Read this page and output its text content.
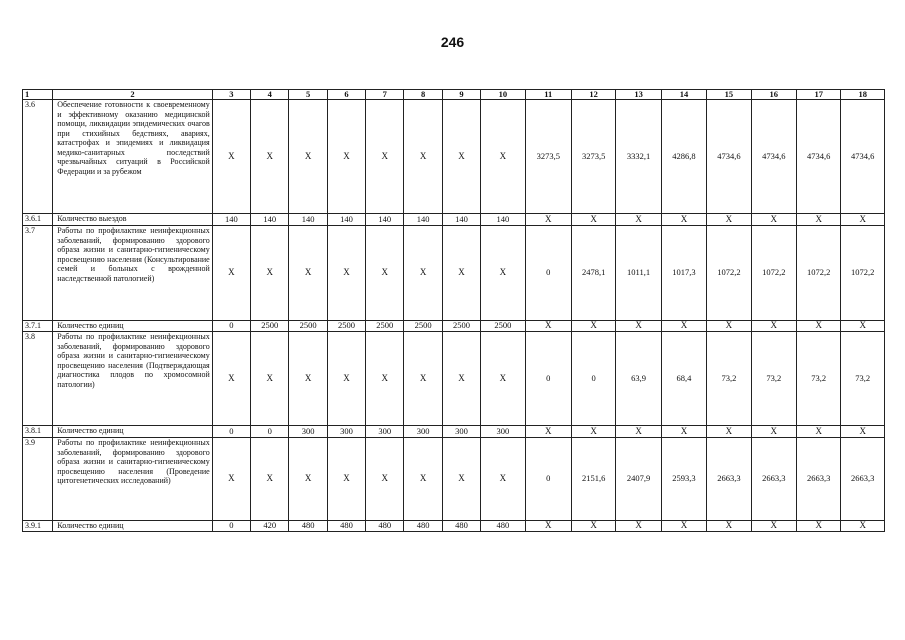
246
1	2	3	4	5	6	7	8	9	10	11	12	13	14	15	16	17	18
3.6	Обеспечение готовности к своевременному и эффективному оказанию медицинской помощи, ликвидации эпидемических очагов при стихийных бедствиях, авариях, катастрофах и эпидемиях и ликвидация медико-санитарных последствий чрезвычайных ситуаций в Российской Федерации и за рубежом	X	X	X	X	X	X	X	X	3273,5	3273,5	3332,1	4286,8	4734,6	4734,6	4734,6	4734,6
3.6.1	Количество выездов	140	140	140	140	140	140	140	140	X	X	X	X	X	X	X	X
3.7	Работы по профилактике неинфекционных заболеваний, формированию здорового образа жизни и санитарно-гигиеническому просвещению населения (Консультирование семей и больных с врожденной наследственной патологией)	X	X	X	X	X	X	X	X	0	2478,1	1011,1	1017,3	1072,2	1072,2	1072,2	1072,2
3.7.1	Количество единиц	0	2500	2500	2500	2500	2500	2500	2500	X	X	X	X	X	X	X	X
3.8	Работы по профилактике неинфекционных заболеваний, формированию здорового образа жизни и санитарно-гигиеническому просвещению населения (Подтверждающая диагностика плодов по хромосомной патологии)	X	X	X	X	X	X	X	X	0	0	63,9	68,4	73,2	73,2	73,2	73,2
3.8.1	Количество единиц	0	0	300	300	300	300	300	300	X	X	X	X	X	X	X	X
3.9	Работы по профилактике неинфекционных заболеваний, формированию здорового образа жизни и санитарно-гигиеническому просвещению населения (Проведение цитогенетических исследований)	X	X	X	X	X	X	X	X	0	2151,6	2407,9	2593,3	2663,3	2663,3	2663,3	2663,3
3.9.1	Количество единиц	0	420	480	480	480	480	480	480	X	X	X	X	X	X	X	X
